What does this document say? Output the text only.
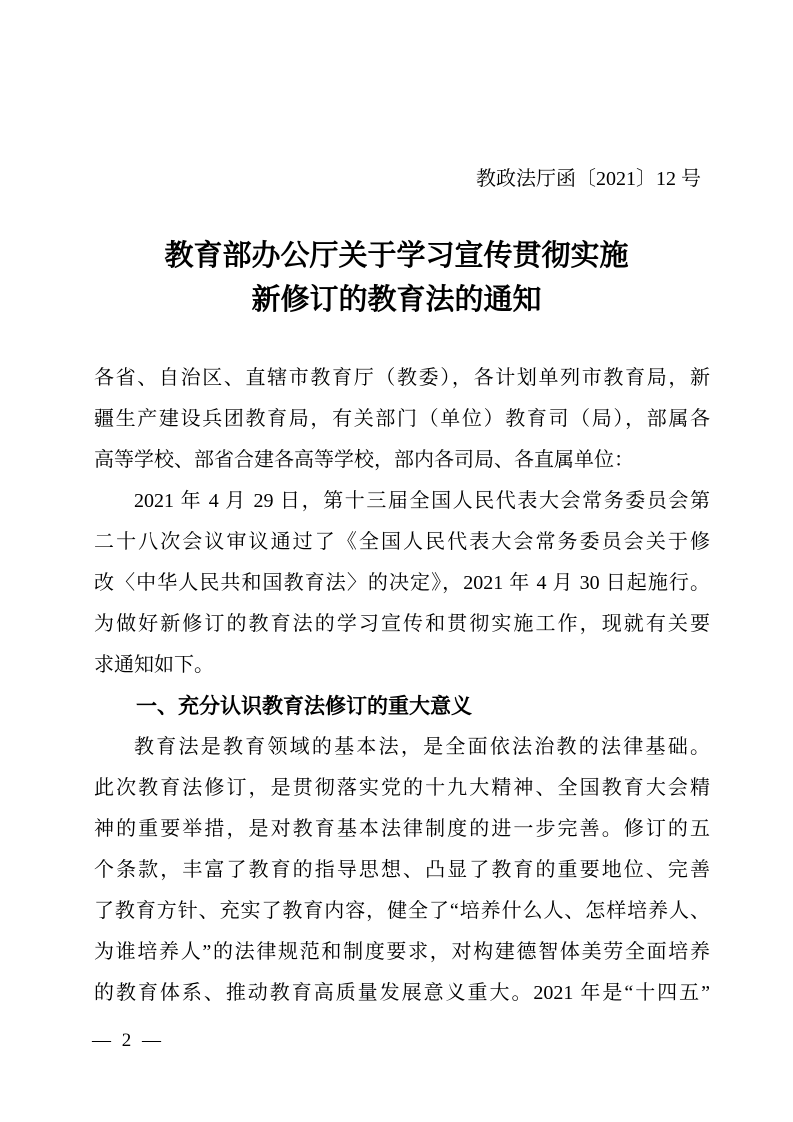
教政法厅函〔2021〕12 号
教育部办公厅关于学习宣传贯彻实施
新修订的教育法的通知

各省、自治区、直辖市教育厅（教委），各计划单列市教育局，新

疆生产建设兵团教育局，有关部门（单位）教育司（局），部属各

高等学校、部省合建各高等学校，部内各司局、各直属单位：

2021 年 4 月 29 日，第十三届全国人民代表大会常务委员会第

二十八次会议审议通过了《全国人民代表大会常务委员会关于修

改〈中华人民共和国教育法〉的决定》，2021 年 4 月 30 日起施行。

为做好新修订的教育法的学习宣传和贯彻实施工作，现就有关要

求通知如下。

一、充分认识教育法修订的重大意义

教育法是教育领域的基本法，是全面依法治教的法律基础。

此次教育法修订，是贯彻落实党的十九大精神、全国教育大会精

神的重要举措，是对教育基本法律制度的进一步完善。修订的五

个条款，丰富了教育的指导思想、凸显了教育的重要地位、完善

了教育方针、充实了教育内容，健全了“培养什么人、怎样培养人、

为谁培养人”的法律规范和制度要求，对构建德智体美劳全面培养

的教育体系、推动教育高质量发展意义重大。2021 年是“十四五”

— 2 —
